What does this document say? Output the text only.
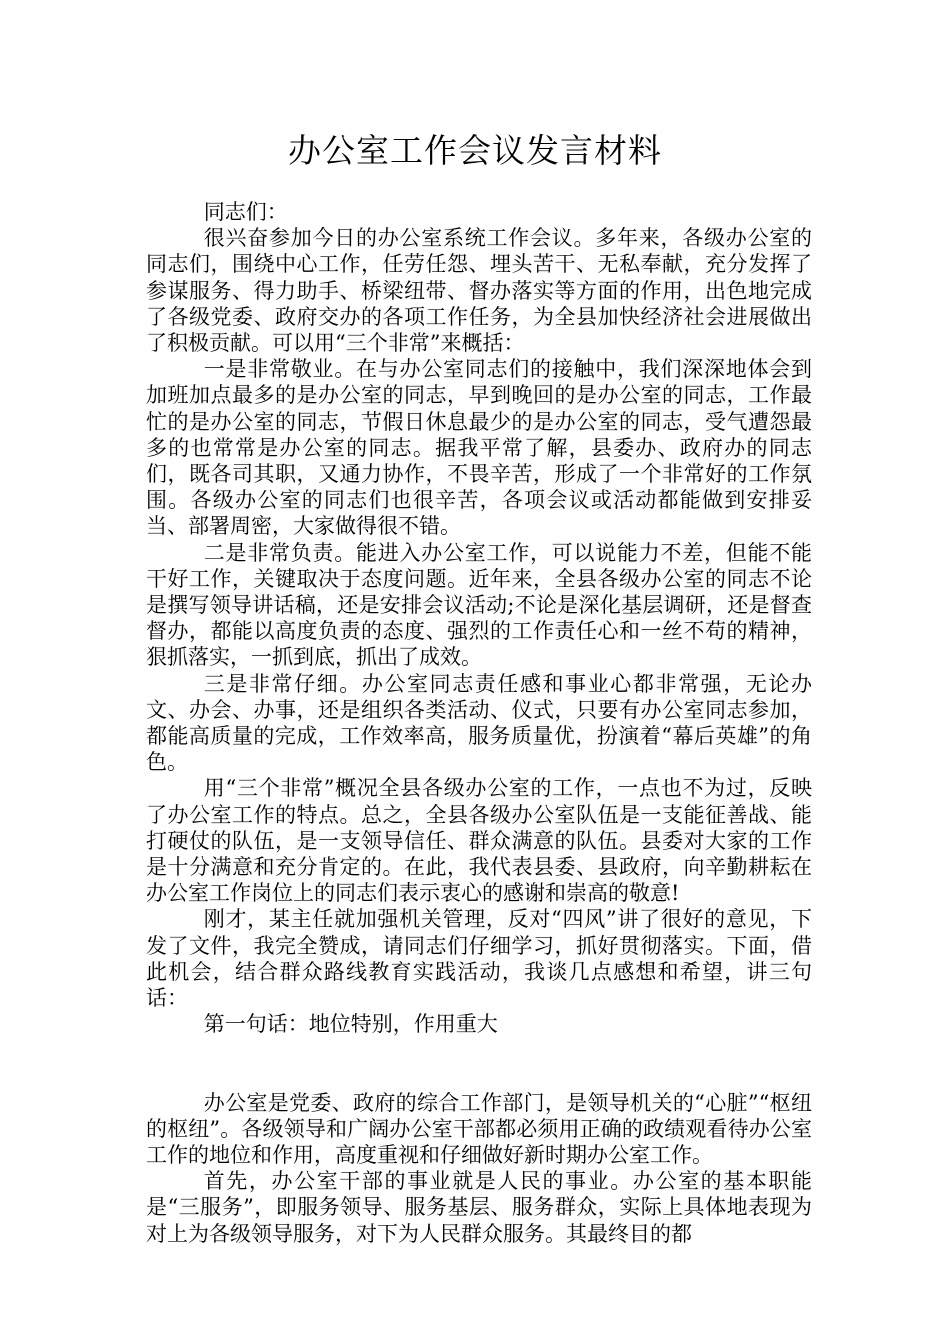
办公室工作会议发言材料

同志们：

很兴奋参加今日的办公室系统工作会议。多年来，各级办公室的同志们，围绕中心工作，任劳任怨、埋头苦干、无私奉献，充分发挥了参谋服务、得力助手、桥梁纽带、督办落实等方面的作用，出色地完成了各级党委、政府交办的各项工作任务，为全县加快经济社会进展做出了积极贡献。可以用“三个非常”来概括：

一是非常敬业。在与办公室同志们的接触中，我们深深地体会到加班加点最多的是办公室的同志，早到晚回的是办公室的同志，工作最忙的是办公室的同志，节假日休息最少的是办公室的同志，受气遭怨最多的也常常是办公室的同志。据我平常了解，县委办、政府办的同志们，既各司其职，又通力协作，不畏辛苦，形成了一个非常好的工作氛围。各级办公室的同志们也很辛苦，各项会议或活动都能做到安排妥当、部署周密，大家做得很不错。

二是非常负责。能进入办公室工作，可以说能力不差，但能不能干好工作，关键取决于态度问题。近年来，全县各级办公室的同志不论是撰写领导讲话稿，还是安排会议活动;不论是深化基层调研，还是督查督办，都能以高度负责的态度、强烈的工作责任心和一丝不苟的精神，狠抓落实，一抓到底，抓出了成效。

三是非常仔细。办公室同志责任感和事业心都非常强，无论办文、办会、办事，还是组织各类活动、仪式，只要有办公室同志参加，都能高质量的完成，工作效率高，服务质量优，扮演着“幕后英雄”的角色。

用“三个非常”概况全县各级办公室的工作，一点也不为过，反映了办公室工作的特点。总之，全县各级办公室队伍是一支能征善战、能打硬仗的队伍，是一支领导信任、群众满意的队伍。县委对大家的工作是十分满意和充分肯定的。在此，我代表县委、县政府，向辛勤耕耘在办公室工作岗位上的同志们表示衷心的感谢和崇高的敬意!

刚才，某主任就加强机关管理，反对“四风”讲了很好的意见，下发了文件，我完全赞成，请同志们仔细学习，抓好贯彻落实。下面，借此机会，结合群众路线教育实践活动，我谈几点感想和希望，讲三句话：

第一句话：地位特别，作用重大

办公室是党委、政府的综合工作部门，是领导机关的“心脏”“枢纽的枢纽”。各级领导和广阔办公室干部都必须用正确的政绩观看待办公室工作的地位和作用，高度重视和仔细做好新时期办公室工作。

首先，办公室干部的事业就是人民的事业。办公室的基本职能是“三服务”，即服务领导、服务基层、服务群众，实际上具体地表现为对上为各级领导服务，对下为人民群众服务。其最终目的都
